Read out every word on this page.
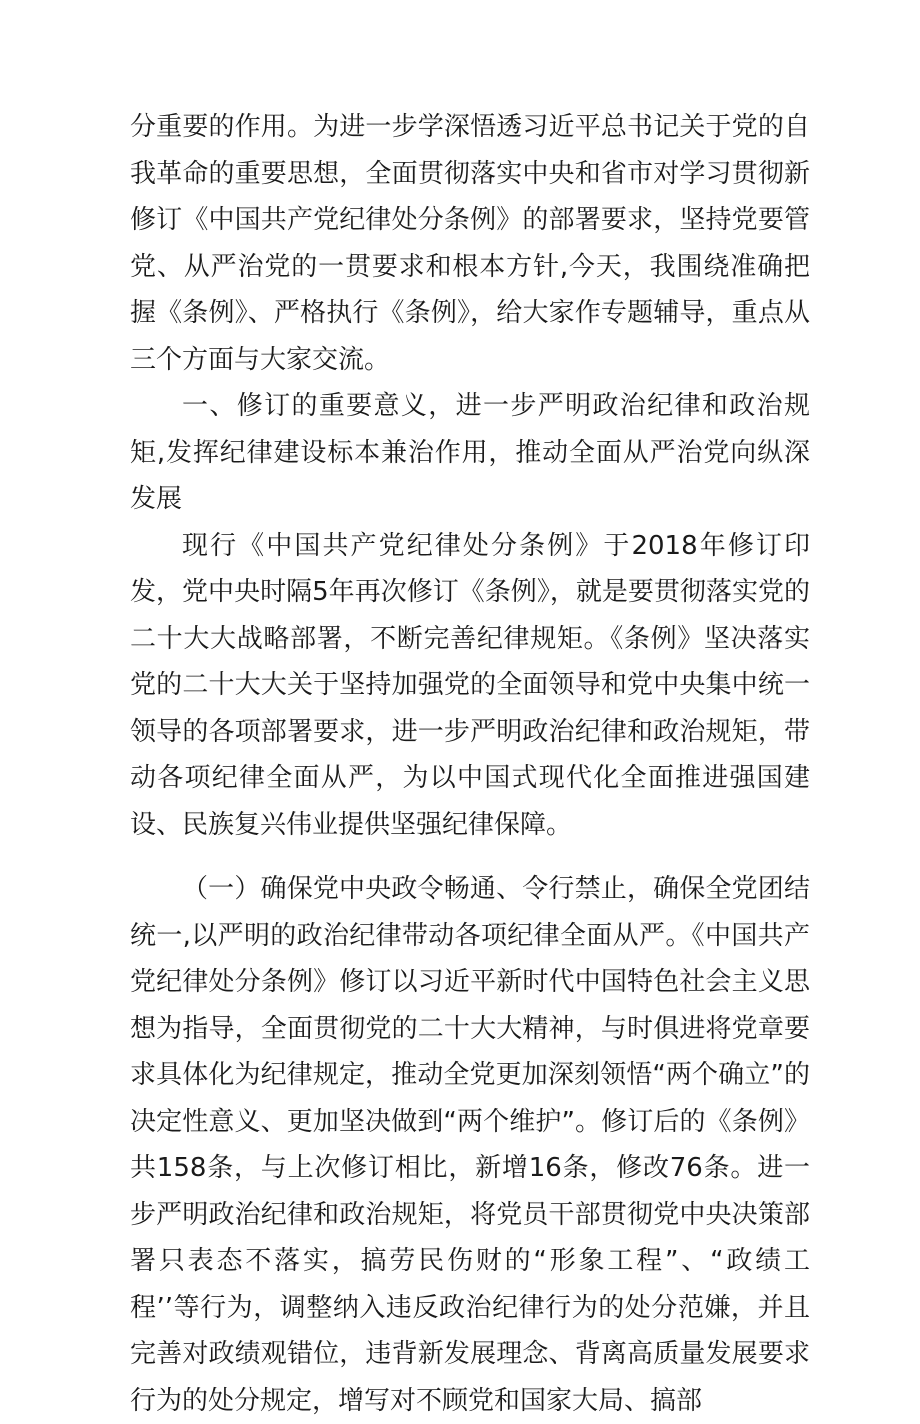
分重要的作用。为进一步学深悟透习近平总书记关于党的自我革命的重要思想，全面贯彻落实中央和省市对学习贯彻新修订《中国共产党纪律处分条例》的部署要求，坚持党要管党、从严治党的一贯要求和根本方针,今天，我围绕准确把握《条例》、严格执行《条例》，给大家作专题辅导，重点从三个方面与大家交流。

一、修订的重要意义，进一步严明政治纪律和政治规矩,发挥纪律建设标本兼治作用，推动全面从严治党向纵深发展

现行《中国共产党纪律处分条例》于2018年修订印发，党中央时隔5年再次修订《条例》，就是要贯彻落实党的二十大大战略部署，不断完善纪律规矩。《条例》坚决落实党的二十大大关于坚持加强党的全面领导和党中央集中统一领导的各项部署要求，进一步严明政治纪律和政治规矩，带动各项纪律全面从严，为以中国式现代化全面推进强国建设、民族复兴伟业提供坚强纪律保障。

（一）确保党中央政令畅通、令行禁止，确保全党团结统一,以严明的政治纪律带动各项纪律全面从严。《中国共产党纪律处分条例》修订以习近平新时代中国特色社会主义思想为指导，全面贯彻党的二十大大精神，与时俱进将党章要求具体化为纪律规定，推动全党更加深刻领悟“两个确立”的决定性意义、更加坚决做到“两个维护”。修订后的《条例》共158条，与上次修订相比，新增16条，修改76条。进一步严明政治纪律和政治规矩，将党员干部贯彻党中央决策部署只表态不落实，搞劳民伤财的“形象工程”、“政绩工程’’等行为，调整纳入违反政治纪律行为的处分范嫌，并且完善对政绩观错位，违背新发展理念、背离高质量发展要求行为的处分规定，增写对不顾党和国家大局、搞部
